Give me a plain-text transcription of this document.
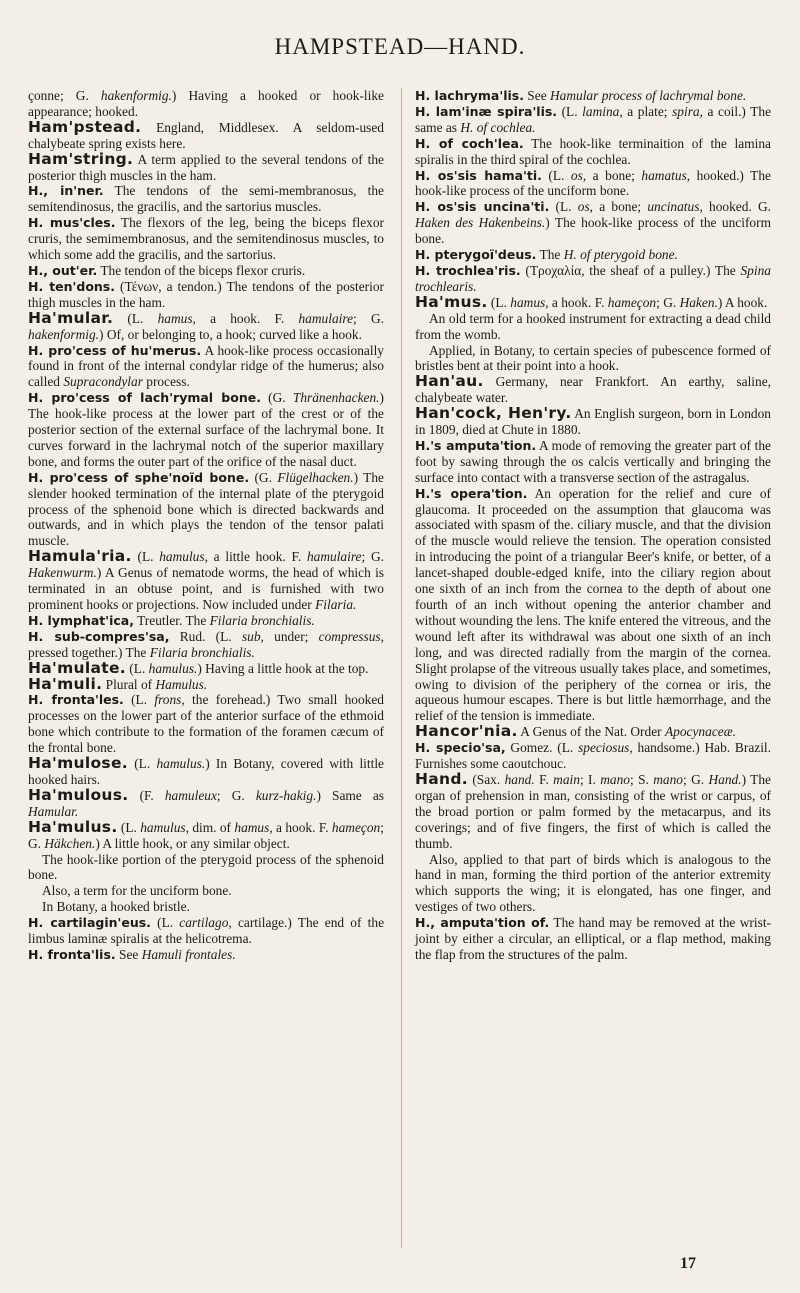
HAMPSTEAD—HAND.

çonne; G. hakenformig.) Having a hooked or hook-like appearance; hooked.

Ham'pstead. England, Middlesex. A seldom-used chalybeate spring exists here.

Ham'string. A term applied to the several tendons of the posterior thigh muscles in the ham.

H., in'ner. The tendons of the semi-membranosus, the semitendinosus, the gracilis, and the sartorius muscles.

H. mus'cles. The flexors of the leg, being the biceps flexor cruris, the semimembranosus, and the semitendinosus muscles, to which some add the gracilis, and the sartorius.

H., out'er. The tendon of the biceps flexor cruris.

H. ten'dons. (Τένων, a tendon.) The tendons of the posterior thigh muscles in the ham.

Ha'mular. (L. hamus, a hook. F. hamulaire; G. hakenformig.) Of, or belonging to, a hook; curved like a hook.

H. pro'cess of hu'merus. A hook-like process occasionally found in front of the internal condylar ridge of the humerus; also called Supracondylar process.

H. pro'cess of lach'rymal bone. (G. Thränenhacken.) The hook-like process at the lower part of the crest or of the posterior section of the external surface of the lachrymal bone. It curves forward in the lachrymal notch of the superior maxillary bone, and forms the outer part of the orifice of the nasal duct.

H. pro'cess of sphe'noïd bone. (G. Flügelhacken.) The slender hooked termination of the internal plate of the pterygoid process of the sphenoid bone which is directed backwards and outwards, and in which plays the tendon of the tensor palati muscle.

Hamula'ria. (L. hamulus, a little hook. F. hamulaire; G. Hakenwurm.) A Genus of nematode worms, the head of which is terminated in an obtuse point, and is furnished with two prominent hooks or projections. Now included under Filaria.

H. lymphat'ica, Treutler. The Filaria bronchialis.

H. sub-compres'sa, Rud. (L. sub, under; compressus, pressed together.) The Filaria bronchialis.

Ha'mulate. (L. hamulus.) Having a little hook at the top.

Ha'muli. Plural of Hamulus.

H. fronta'les. (L. frons, the forehead.) Two small hooked processes on the lower part of the anterior surface of the ethmoid bone which contribute to the formation of the foramen cæcum of the frontal bone.

Ha'mulose. (L. hamulus.) In Botany, covered with little hooked hairs.

Ha'mulous. (F. hamuleux; G. kurz-hakig.) Same as Hamular.

Ha'mulus. (L. hamulus, dim. of hamus, a hook. F. hameçon; G. Häkchen.) A little hook, or any similar object.

The hook-like portion of the pterygoid process of the sphenoid bone.

Also, a term for the unciform bone.

In Botany, a hooked bristle.

H. cartilagin'eus. (L. cartilago, cartilage.) The end of the limbus laminæ spiralis at the helicotrema.

H. fronta'lis. See Hamuli frontales.

H. lachryma'lis. See Hamular process of lachrymal bone.

H. lam'inæ spira'lis. (L. lamina, a plate; spira, a coil.) The same as H. of cochlea.

H. of coch'lea. The hook-like terminaition of the lamina spiralis in the third spiral of the cochlea.

H. os'sis hama'ti. (L. os, a bone; hamatus, hooked.) The hook-like process of the unciform bone.

H. os'sis uncina'ti. (L. os, a bone; uncinatus, hooked. G. Haken des Hakenbeins.) The hook-like process of the unciform bone.

H. pterygoï'deus. The H. of pterygoid bone.

H. trochlea'ris. (Τροχαλία, the sheaf of a pulley.) The Spina trochlearis.

Ha'mus. (L. hamus, a hook. F. hameçon; G. Haken.) A hook.

An old term for a hooked instrument for extracting a dead child from the womb.

Applied, in Botany, to certain species of pubescence formed of bristles bent at their point into a hook.

Han'au. Germany, near Frankfort. An earthy, saline, chalybeate water.

Han'cock, Hen'ry. An English surgeon, born in London in 1809, died at Chute in 1880.

H.'s amputa'tion. A mode of removing the greater part of the foot by sawing through the os calcis vertically and bringing the surface into contact with a transverse section of the astragalus.

H.'s opera'tion. An operation for the relief and cure of glaucoma. It proceeded on the assumption that glaucoma was associated with spasm of the. ciliary muscle, and that the division of the muscle would relieve the tension. The operation consisted in introducing the point of a triangular Beer's knife, or better, of a lancet-shaped double-edged knife, into the ciliary region about one sixth of an inch from the cornea to the depth of about one fourth of an inch without opening the anterior chamber and without wounding the lens. The knife entered the vitreous, and the wound left after its withdrawal was about one sixth of an inch long, and was directed radially from the margin of the cornea. Slight prolapse of the vitreous usually takes place, and sometimes, owing to division of the periphery of the cornea or iris, the aqueous humour escapes. There is but little hæmorrhage, and the relief of the tension is immediate.

Hancor'nia. A Genus of the Nat. Order Apocynaceæ.

H. specio'sa, Gomez. (L. speciosus, handsome.) Hab. Brazil. Furnishes some caoutchouc.

Hand. (Sax. hand. F. main; I. mano; S. mano; G. Hand.) The organ of prehension in man, consisting of the wrist or carpus, of the broad portion or palm formed by the metacarpus, and its coverings; and of five fingers, the first of which is called the thumb.

Also, applied to that part of birds which is analogous to the hand in man, forming the third portion of the anterior extremity which supports the wing; it is elongated, has one finger, and vestiges of two others.

H., amputa'tion of. The hand may be removed at the wrist-joint by either a circular, an elliptical, or a flap method, making the flap from the structures of the palm.

17
